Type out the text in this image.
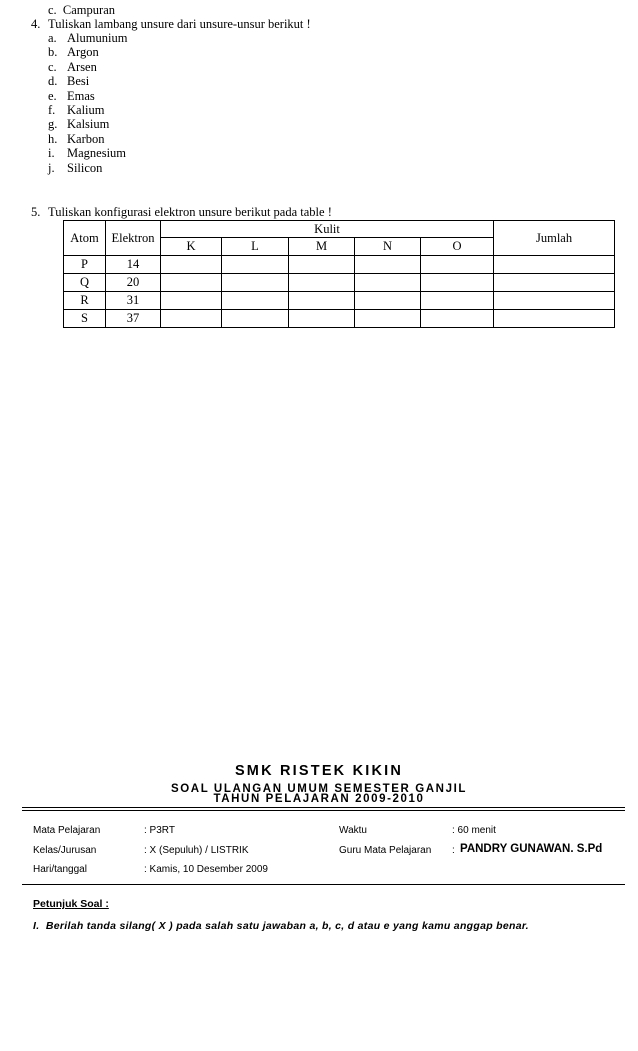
c.  Campuran
4. Tuliskan lambang unsure dari unsure-unsur berikut !
a. Alumunium
b. Argon
c. Arsen
d. Besi
e. Emas
f. Kalium
g. Kalsium
h. Karbon
i. Magnesium
j. Silicon
5. Tuliskan konfigurasi elektron unsure berikut pada table !
Atom	Elektron	Kulit					Jumlah
		K	L	M	N	O	
P	14						
Q	20						
R	31						
S	37						
SMK RISTEK KIKIN
SOAL ULANGAN UMUM SEMESTER GANJIL
TAHUN PELAJARAN 2009-2010
Mata Pelajaran	: P3RT	Waktu	: 60 menit
Kelas/Jurusan	: X (Sepuluh) / LISTRIK	Guru Mata Pelajaran : PANDRY GUNAWAN. S.Pd
Hari/tanggal	: Kamis, 10 Desember 2009
Petunjuk Soal :
I.  Berilah tanda silang( X ) pada salah satu jawaban a, b, c, d atau e yang kamu anggap benar.
